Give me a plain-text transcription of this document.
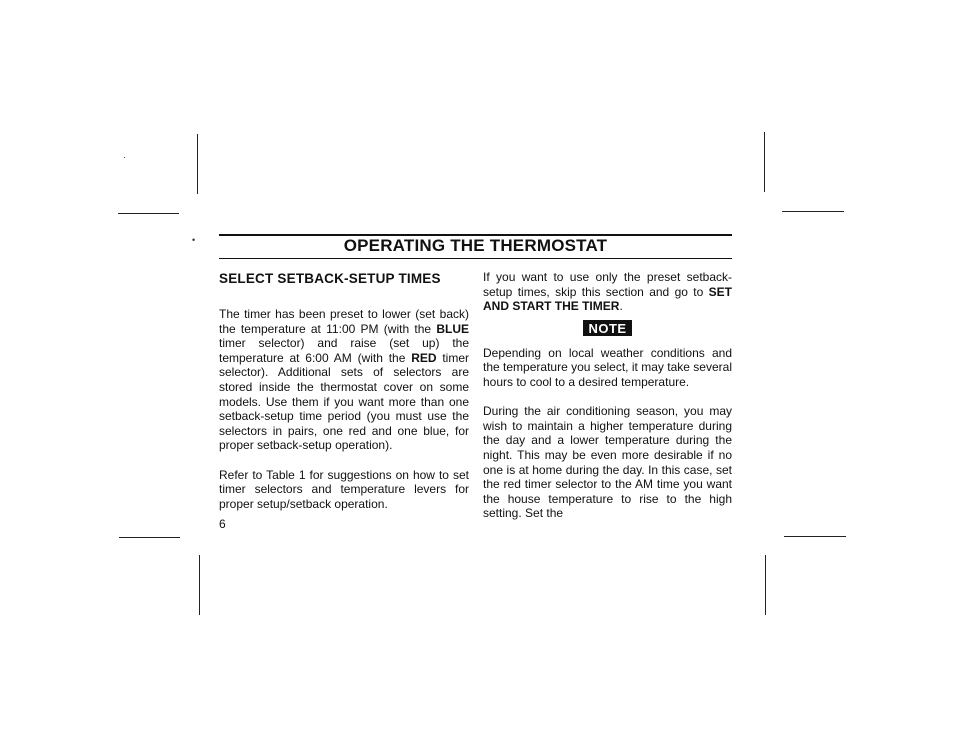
•
·
OPERATING THE THERMOSTAT
SELECT SETBACK-SETUP TIMES

The timer has been preset to lower (set back) the temperature at 11:00 PM (with the BLUE timer selector) and raise (set up) the temperature at 6:00 AM (with the RED timer selector). Additional sets of selectors are stored inside the thermostat cover on some models. Use them if you want more than one setback-setup time period (you must use the selectors in pairs, one red and one blue, for proper setback-setup operation).

Refer to Table 1 for suggestions on how to set timer selectors and temperature levers for proper setup/setback operation.

If you want to use only the preset setback-setup times, skip this section and go to SET AND START THE TIMER.

NOTE

Depending on local weather conditions and the temperature you select, it may take several hours to cool to a desired temperature.

During the air conditioning season, you may wish to maintain a higher temperature during the day and a lower temperature during the night. This may be even more desirable if no one is at home during the day. In this case, set the red timer selector to the AM time you want the house temperature to rise to the high setting. Set the

6
